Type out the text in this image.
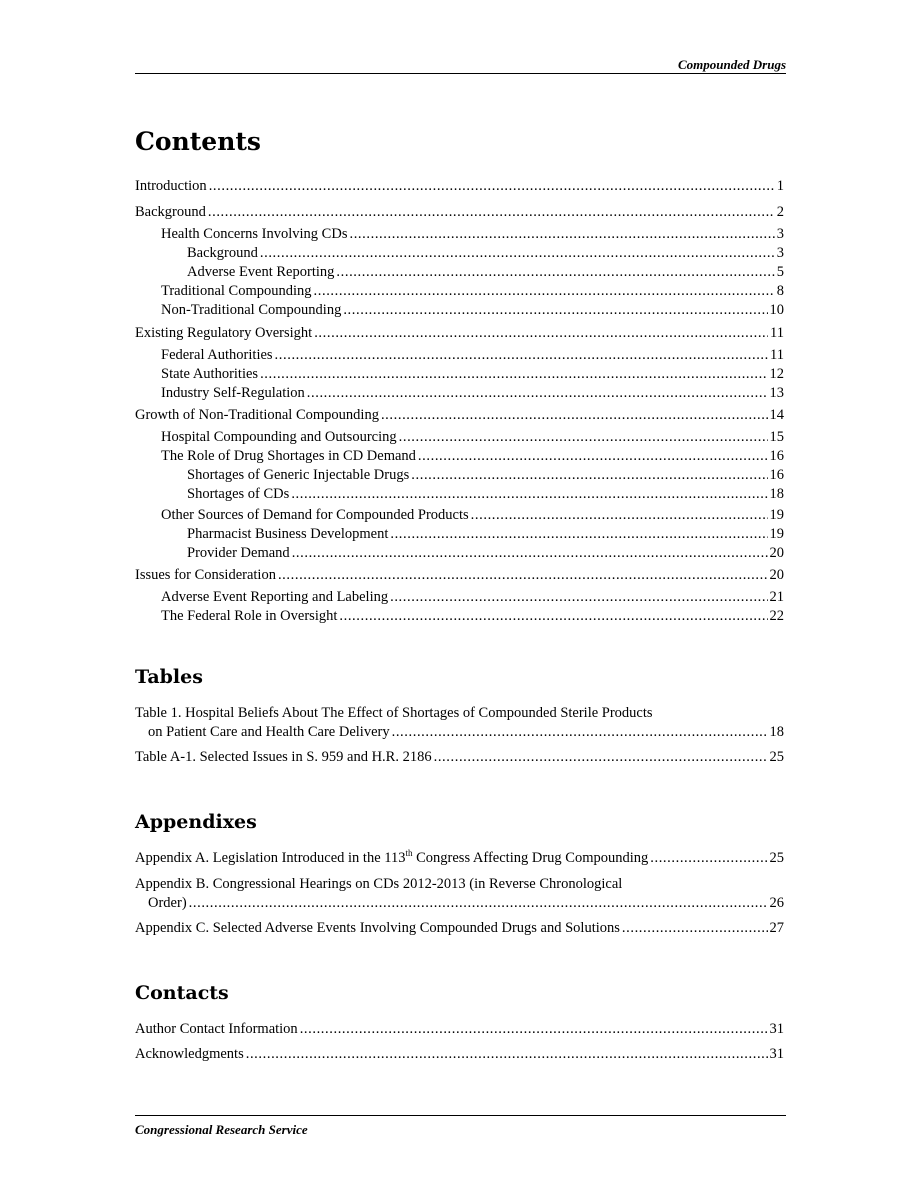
Compounded Drugs
Contents
Introduction .....	1
Background .....	2
Health Concerns Involving CDs .....	3
Background .....	3
Adverse Event Reporting .....	5
Traditional Compounding .....	8
Non-Traditional Compounding .....	10
Existing Regulatory Oversight .....	11
Federal Authorities .....	11
State Authorities .....	12
Industry Self-Regulation .....	13
Growth of Non-Traditional Compounding .....	14
Hospital Compounding and Outsourcing .....	15
The Role of Drug Shortages in CD Demand .....	16
Shortages of Generic Injectable Drugs .....	16
Shortages of CDs .....	18
Other Sources of Demand for Compounded Products .....	19
Pharmacist Business Development .....	19
Provider Demand .....	20
Issues for Consideration .....	20
Adverse Event Reporting and Labeling .....	21
The Federal Role in Oversight .....	22
Tables
Table 1. Hospital Beliefs About The Effect of Shortages of Compounded Sterile Products
on Patient Care and Health Care Delivery .....	18
Table A-1. Selected Issues in S. 959 and H.R. 2186 .....	25
Appendixes
Appendix A. Legislation Introduced in the 113th Congress Affecting Drug Compounding .....	25
Appendix B. Congressional Hearings on CDs 2012-2013 (in Reverse Chronological
Order) .....	26
Appendix C. Selected Adverse Events Involving Compounded Drugs and Solutions .....	27
Contacts
Author Contact Information .....	31
Acknowledgments .....	31
Congressional Research Service
